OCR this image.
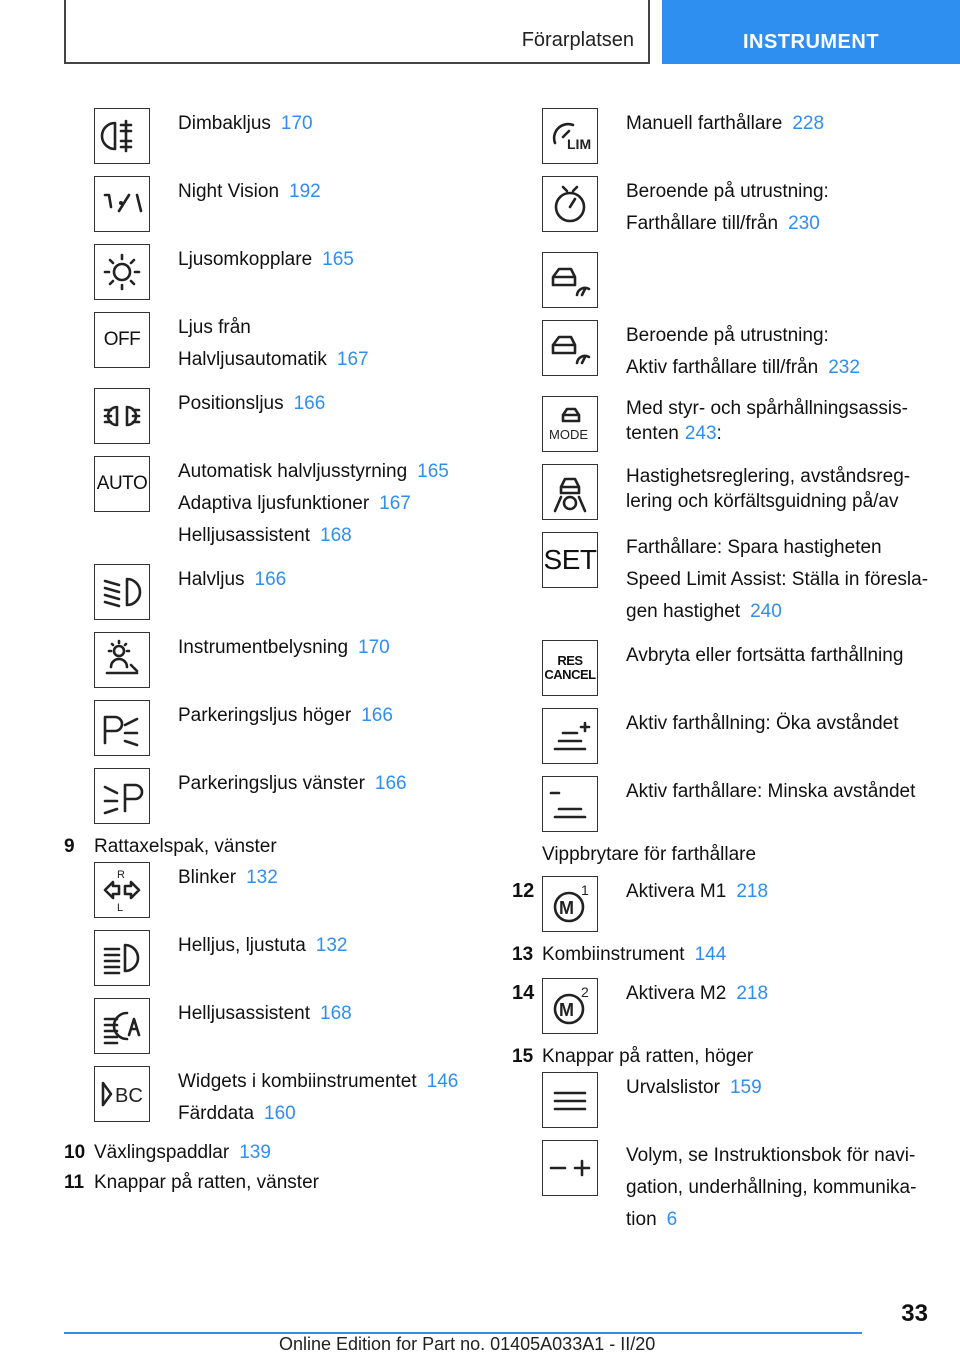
Förarplatsen	INSTRUMENT

Dimbakljus 170

Night Vision 192

Ljusomkopplare 165

OFF

Ljus från

Halvljusautomatik 167

Positionsljus 166

AUTO

Automatisk halvljusstyrning 165

Adaptiva ljusfunktioner 167

Helljusassistent 168

Halvljus 166

Instrumentbelysning 170

Parkeringsljus höger 166

Parkeringsljus vänster 166

9	Rattaxelspak, vänster
R
L

Blinker 132

Helljus, ljustuta 132

Helljusassistent 168

BC

Widgets i kombiinstrumentet 146

Färddata 160

10 Växlingspaddlar 139
11 Knappar på ratten, vänster
LIM

Manuell farthållare 228

Beroende på utrustning:

Farthållare till/från 230

Beroende på utrustning:

Aktiv farthållare till/från 232

MODE

Med styr- och spårhållningsassis-

tenten 243:

Hastighetsreglering, avståndsreg-

lering och körfältsguidning på/av

SET Farthållare: Spara hastigheten

Speed Limit Assist: Ställa in föresla-

gen hastighet 240

RES
CANCEL

Avbryta eller fortsätta farthållning

Aktiv farthållning: Öka avståndet

Aktiv farthållare: Minska avståndet

Vippbrytare för farthållare
12
M
1 Aktivera M1 218

13 Kombiinstrument 144
14
M
2 Aktivera M2 218

15 Knappar på ratten, höger

Urvalslistor 159

Volym, se Instruktionsbok för navi-

gation, underhållning, kommunika-

tion 6

33
Online Edition for Part no. 01405A033A1 - II/20
